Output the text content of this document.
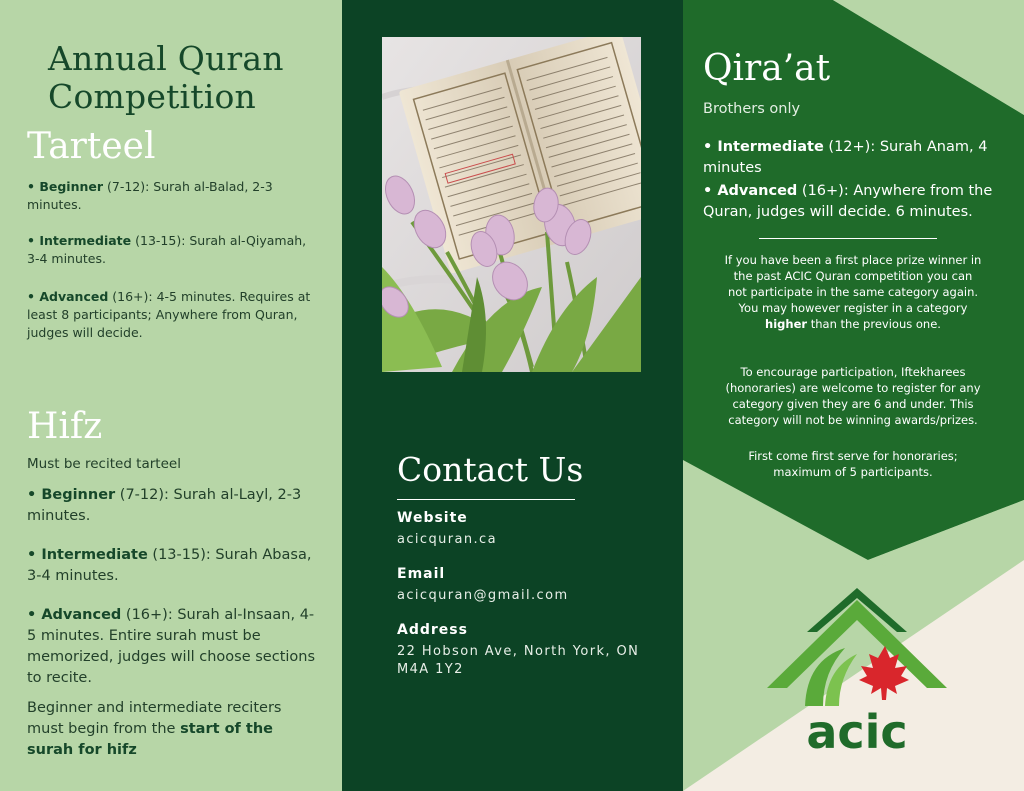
Annual Quran Competition
Tarteel

• Beginner (7-12): Surah al-Balad, 2-3 minutes.

• Intermediate (13-15): Surah al-Qiyamah, 3-4 minutes.

• Advanced (16+): 4-5 minutes. Requires at least 8 participants; Anywhere from Quran, judges will decide.

Hifz

Must be recited tarteel

• Beginner (7-12): Surah al-Layl, 2-3 minutes.

• Intermediate (13-15): Surah Abasa, 3-4 minutes.

• Advanced (16+): Surah al-Insaan, 4-5 minutes. Entire surah must be memorized, judges will choose sections to recite.

Beginner and intermediate reciters must begin from the start of the surah for hifz

Contact Us

Website

acicquran.ca

Email

acicquran@gmail.com

Address

22 Hobson Ave, North York, ON M4A 1Y2

Qira’at

Brothers only

• Intermediate (12+): Surah Anam, 4 minutes

• Advanced (16+): Anywhere from the Quran, judges will decide. 6 minutes.

If you have been a first place prize winner in the past ACIC Quran competition you can not participate in the same category again. You may however register in a category higher than the previous one.

To encourage participation, Iftekharees (honoraries) are welcome to register for any category given they are 6 and under. This category will not be winning awards/prizes.

First come first serve for honoraries; maximum of 5 participants.

acic
